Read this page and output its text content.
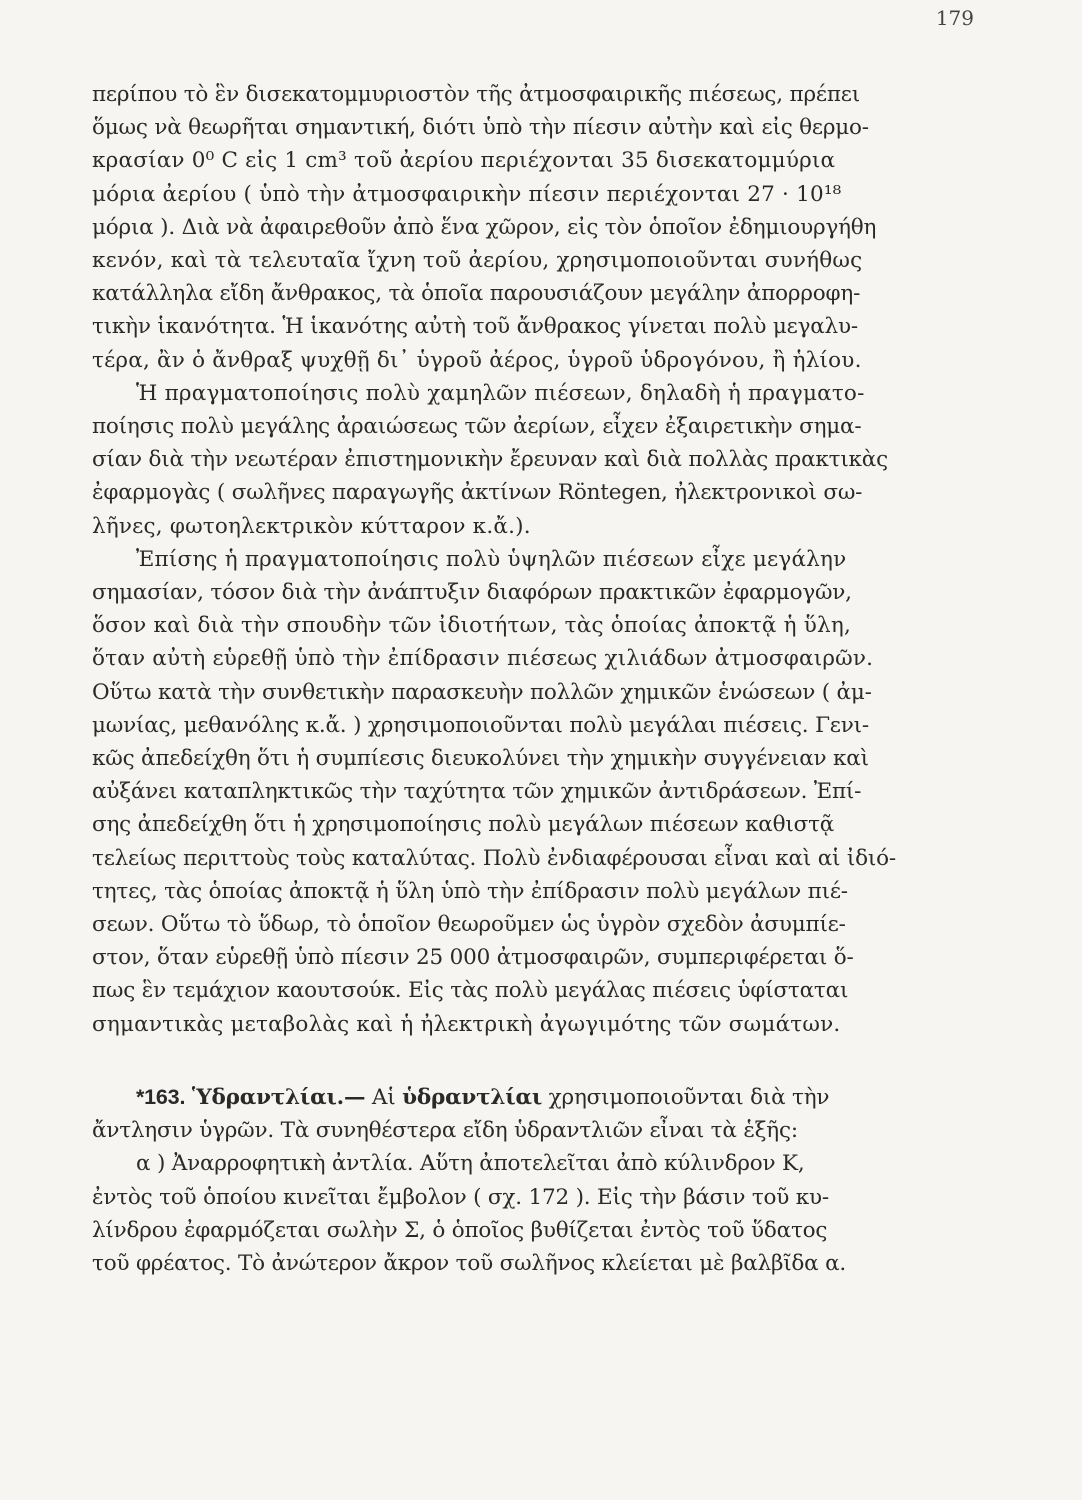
179
περίπου τὸ ἓν δισεκατομμυριοστὸν τῆς ἀτμοσφαιρικῆς πιέσεως, πρέπει
ὅμως νὰ θεωρῆται σημαντική, διότι ὑπὸ τὴν πίεσιν αὐτὴν καὶ εἰς θερμο-
κρασίαν 0⁰ C εἰς 1 cm³ τοῦ ἀερίου περιέχονται 35 δισεκατομμύρια
μόρια ἀερίου ( ὑπὸ τὴν ἀτμοσφαιρικὴν πίεσιν περιέχονται 27 · 10¹⁸
μόρια ). Διὰ νὰ ἀφαιρεθοῦν ἀπὸ ἕνα χῶρον, εἰς τὸν ὁποῖον ἐδημιουργήθη
κενόν, καὶ τὰ τελευταῖα ἴχνη τοῦ ἀερίου, χρησιμοποιοῦνται συνήθως
κατάλληλα εἴδη ἄνθρακος, τὰ ὁποῖα παρουσιάζουν μεγάλην ἀπορροφη-
τικὴν ἱκανότητα. Ἡ ἱκανότης αὐτὴ τοῦ ἄνθρακος γίνεται πολὺ μεγαλυ-
τέρα, ἂν ὁ ἄνθραξ ψυχθῇ δι᾽ ὑγροῦ ἀέρος, ὑγροῦ ὑδρογόνου, ἢ ἡλίου.
Ἡ πραγματοποίησις πολὺ χαμηλῶν πιέσεων, δηλαδὴ ἡ πραγματο-
ποίησις πολὺ μεγάλης ἀραιώσεως τῶν ἀερίων, εἶχεν ἐξαιρετικὴν σημα-
σίαν διὰ τὴν νεωτέραν ἐπιστημονικὴν ἔρευναν καὶ διὰ πολλὰς πρακτικὰς
ἐφαρμογὰς ( σωλῆνες παραγωγῆς ἀκτίνων Röntegen, ἠλεκτρονικοὶ σω-
λῆνες, φωτοηλεκτρικὸν κύτταρον κ.ἄ.).
Ἐπίσης ἡ πραγματοποίησις πολὺ ὑψηλῶν πιέσεων εἶχε μεγάλην
σημασίαν, τόσον διὰ τὴν ἀνάπτυξιν διαφόρων πρακτικῶν ἐφαρμογῶν,
ὅσον καὶ διὰ τὴν σπουδὴν τῶν ἰδιοτήτων, τὰς ὁποίας ἀποκτᾷ ἡ ὕλη,
ὅταν αὐτὴ εὑρεθῇ ὑπὸ τὴν ἐπίδρασιν πιέσεως χιλιάδων ἀτμοσφαιρῶν.
Οὕτω κατὰ τὴν συνθετικὴν παρασκευὴν πολλῶν χημικῶν ἑνώσεων ( ἀμ-
μωνίας, μεθανόλης κ.ἄ. ) χρησιμοποιοῦνται πολὺ μεγάλαι πιέσεις. Γενι-
κῶς ἀπεδείχθη ὅτι ἡ συμπίεσις διευκολύνει τὴν χημικὴν συγγένειαν καὶ
αὐξάνει καταπληκτικῶς τὴν ταχύτητα τῶν χημικῶν ἀντιδράσεων. Ἐπί-
σης ἀπεδείχθη ὅτι ἡ χρησιμοποίησις πολὺ μεγάλων πιέσεων καθιστᾷ
τελείως περιττοὺς τοὺς καταλύτας. Πολὺ ἐνδιαφέρουσαι εἶναι καὶ αἱ ἰδιό-
τητες, τὰς ὁποίας ἀποκτᾷ ἡ ὕλη ὑπὸ τὴν ἐπίδρασιν πολὺ μεγάλων πιέ-
σεων. Οὕτω τὸ ὕδωρ, τὸ ὁποῖον θεωροῦμεν ὡς ὑγρὸν σχεδὸν ἀσυμπίε-
στον, ὅταν εὑρεθῇ ὑπὸ πίεσιν 25 000 ἀτμοσφαιρῶν, συμπεριφέρεται ὅ-
πως ἓν τεμάχιον καουτσούκ. Εἰς τὰς πολὺ μεγάλας πιέσεις ὑφίσταται
σημαντικὰς μεταβολὰς καὶ ἡ ἠλεκτρικὴ ἀγωγιμότης τῶν σωμάτων.
*163. Ὑδραντλίαι.— Αἱ ὑδραντλίαι χρησιμοποιοῦνται διὰ τὴν
ἄντλησιν ὑγρῶν. Τὰ συνηθέστερα εἴδη ὑδραντλιῶν εἶναι τὰ ἑξῆς:
α ) Ἀναρροφητικὴ ἀντλία. Αὕτη ἀποτελεῖται ἀπὸ κύλινδρον Κ,
ἐντὸς τοῦ ὁποίου κινεῖται ἔμβολον ( σχ. 172 ). Εἰς τὴν βάσιν τοῦ κυ-
λίνδρου ἐφαρμόζεται σωλὴν Σ, ὁ ὁποῖος βυθίζεται ἐντὸς τοῦ ὕδατος
τοῦ φρέατος. Τὸ ἀνώτερον ἄκρον τοῦ σωλῆνος κλείεται μὲ βαλβῖδα α.
